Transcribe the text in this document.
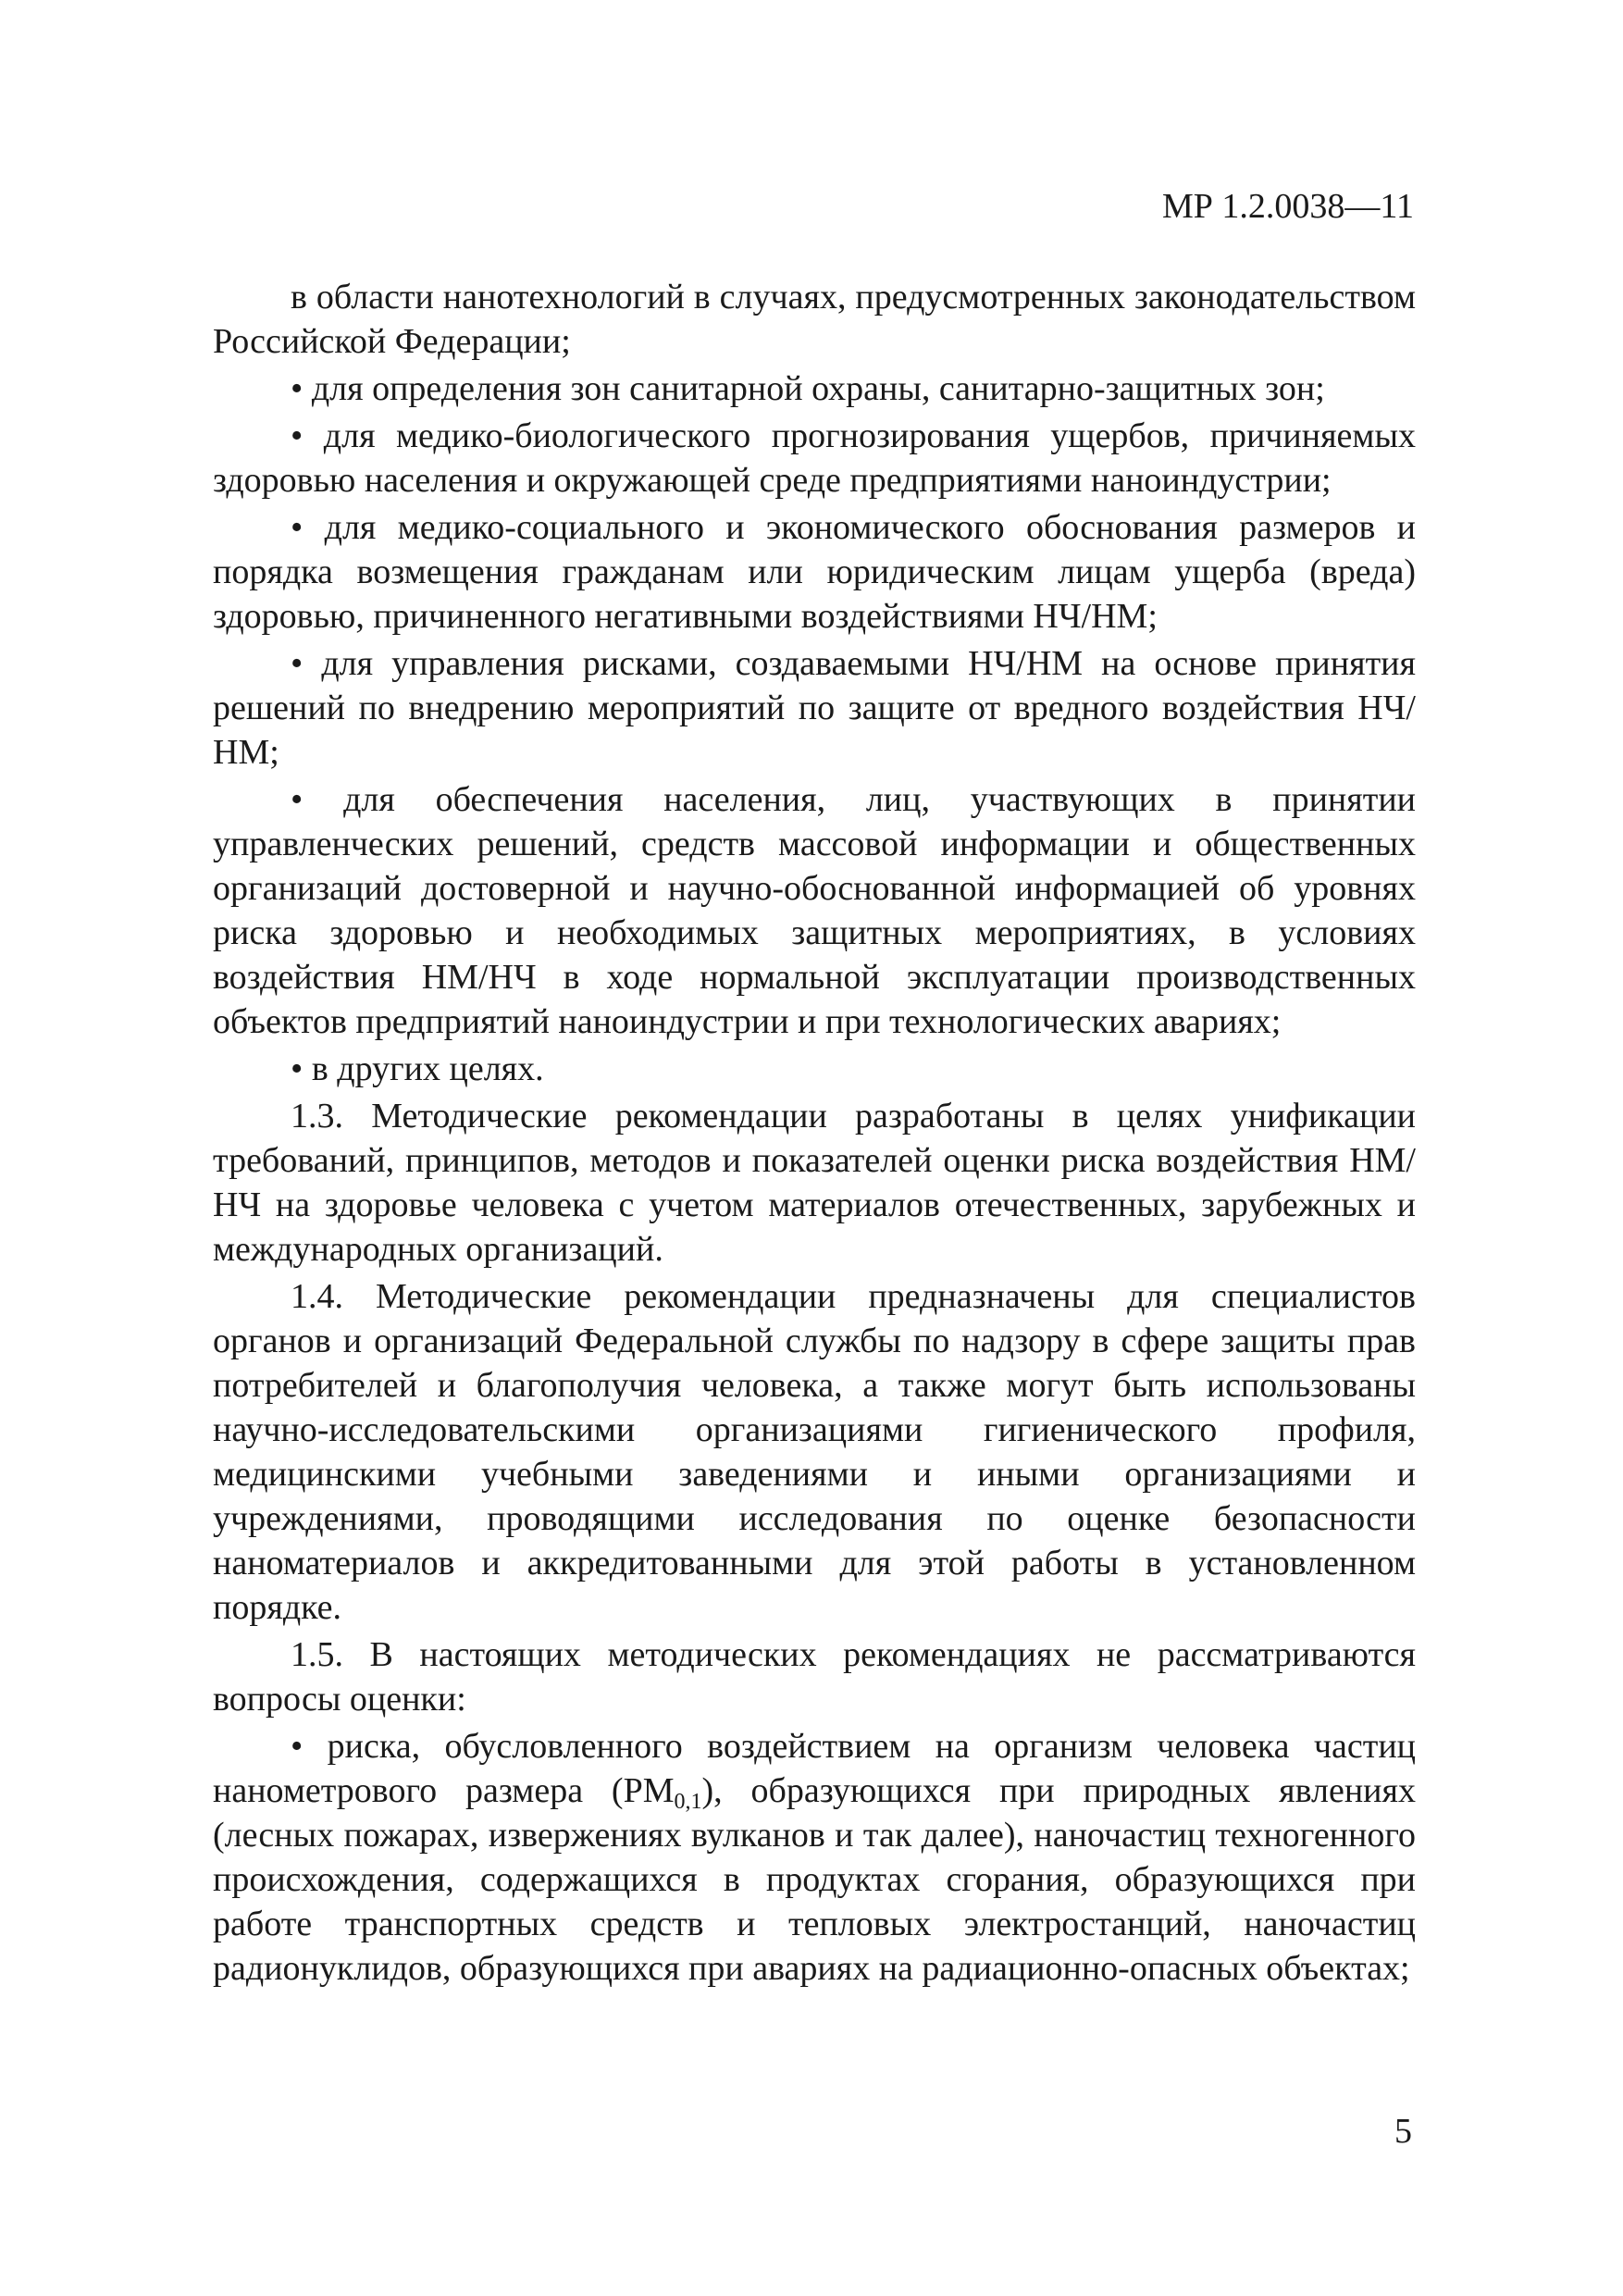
МР 1.2.0038—11

в области нанотехнологий в случаях, предусмотренных законодательством Российской Федерации;

• для определения зон санитарной охраны, санитарно-защитных зон;

• для медико-биологического прогнозирования ущербов, причиняемых здоровью населения и окружающей среде предприятиями наноиндустрии;

• для медико-социального и экономического обоснования размеров и порядка возмещения гражданам или юридическим лицам ущерба (вреда) здоровью, причиненного негативными воздействиями НЧ/НМ;

• для управления рисками, создаваемыми НЧ/НМ на основе принятия решений по внедрению мероприятий по защите от вредного воздействия НЧ/НМ;

• для обеспечения населения, лиц, участвующих в принятии управленческих решений, средств массовой информации и общественных организаций достоверной и научно-обоснованной информацией об уровнях риска здоровью и необходимых защитных мероприятиях, в условиях воздействия НМ/НЧ в ходе нормальной эксплуатации производственных объектов предприятий наноиндустрии и при технологических авариях;

• в других целях.

1.3. Методические рекомендации разработаны в целях унификации требований, принципов, методов и показателей оценки риска воздействия НМ/НЧ на здоровье человека с учетом материалов отечественных, зарубежных и международных организаций.

1.4. Методические рекомендации предназначены для специалистов органов и организаций Федеральной службы по надзору в сфере защиты прав потребителей и благополучия человека, а также могут быть использованы научно-исследовательскими организациями гигиенического профиля, медицинскими учебными заведениями и иными организациями и учреждениями, проводящими исследования по оценке безопасности наноматериалов и аккредитованными для этой работы в установленном порядке.

1.5. В настоящих методических рекомендациях не рассматриваются вопросы оценки:

• риска, обусловленного воздействием на организм человека частиц нанометрового размера $(РМ_{0,1})$, образующихся при природных явлениях (лесных пожарах, извержениях вулканов и так далее), наночастиц техногенного происхождения, содержащихся в продуктах сгорания, образующихся при работе транспортных средств и тепловых электростанций, наночастиц радионуклидов, образующихся при авариях на радиационно-опасных объектах;

5
